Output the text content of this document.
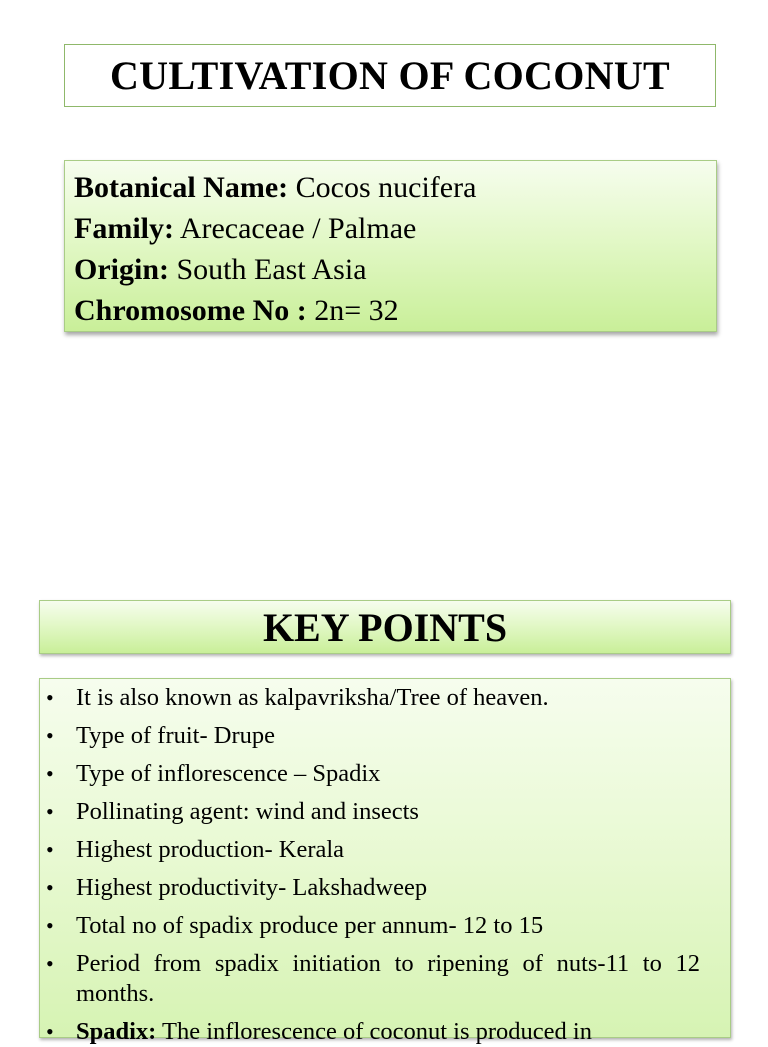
CULTIVATION OF COCONUT
Botanical Name: Cocos nucifera
Family: Arecaceae / Palmae
Origin: South East Asia
Chromosome No : 2n= 32
KEY POINTS
• It is also known as kalpavriksha/Tree of heaven.
• Type of fruit- Drupe
• Type of inflorescence – Spadix
• Pollinating agent: wind and insects
• Highest production- Kerala
• Highest productivity- Lakshadweep
• Total no of spadix produce per annum- 12 to 15
• Period from spadix initiation to ripening of nuts-11 to 12 months.
• Spadix: The inflorescence of coconut is produced in
